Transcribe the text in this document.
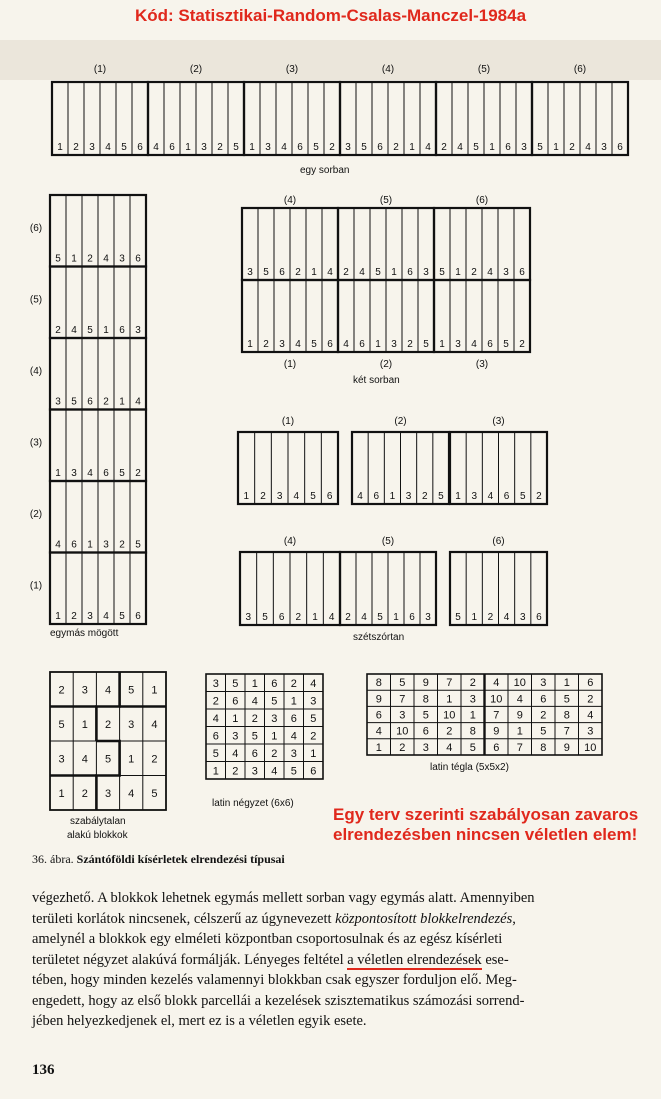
Kód: Statisztikai-Random-Csalas-Manczel-1984a
1 2 3 4 5 6
(1)
4 6 1 3 2 5
(2)
1 3 4 6 5 2
(3)
3 5 6 2 1 4
(4)
2 4 5 1 6 3
(5)
5 1 2 4 3 6
(6)
5 1 2 4 3 6
(6)
2 4 5 1 6 3
(5)
3 5 6 2 1 4
(4)
1 3 4 6 5 2
(3)
4 6 1 3 2 5
(2)
1 2 3 4 5 6
(1)
3 5 6 2 1 4
1 2 3 4 5 6
(4)
(1)
2 4 5 1 6 3
4 6 1 3 2 5
(5)
(2)
5 1 2 4 3 6
1 3 4 6 5 2
(6)
(3)
1 2 3 4 5 6
(1)
3 5 6 2 1 4
(4)
4 6 1 3 2 5
(2)
2 4 5 1 6 3
(5)
1 3 4 6 5 2
(3)
5 1 2 4 3 6
(6)
2 3 4 5 1
5 1 2 3 4
3 4 5 1 2
1 2 3 4 5
3 5 1 6 2 4
2 6 4 5 1 3
4 1 2 3 6 5
6 3 5 1 4 2
5 4 6 2 3 1
1 2 3 4 5 6
8 5 9 7 2 4 10 3 1 6
9 7 8 1 3 10 4 6 5 2
6 3 5 10 1 7 9 2 8 4
4 10 6 2 8 9 1 5 7 3
1 2 3 4 5 6 7 8 9 10
egy sorban
egymás mögött
két sorban
szétszórtan
szabálytalan
alakú blokkok
latin négyzet (6x6)
latin tégla (5x5x2)
Egy terv szerinti szabályosan zavaros
elrendezésben nincsen véletlen elem!
36. ábra. Szántóföldi kísérletek elrendezési típusai
végezhető. A blokkok lehetnek egymás mellett sorban vagy egymás alatt. Amennyiben
területi korlátok nincsenek, célszerű az úgynevezett központosított blokkelrendezés,
amelynél a blokkok egy elméleti központban csoportosulnak és az egész kísérleti
területet négyzet alakúvá formálják. Lényeges feltétel a véletlen elrendezések ese-
tében, hogy minden kezelés valamennyi blokkban csak egyszer forduljon elő. Meg-
engedett, hogy az első blokk parcellái a kezelések szisztematikus számozási sorrend-
jében helyezkedjenek el, mert ez is a véletlen egyik esete.
136
